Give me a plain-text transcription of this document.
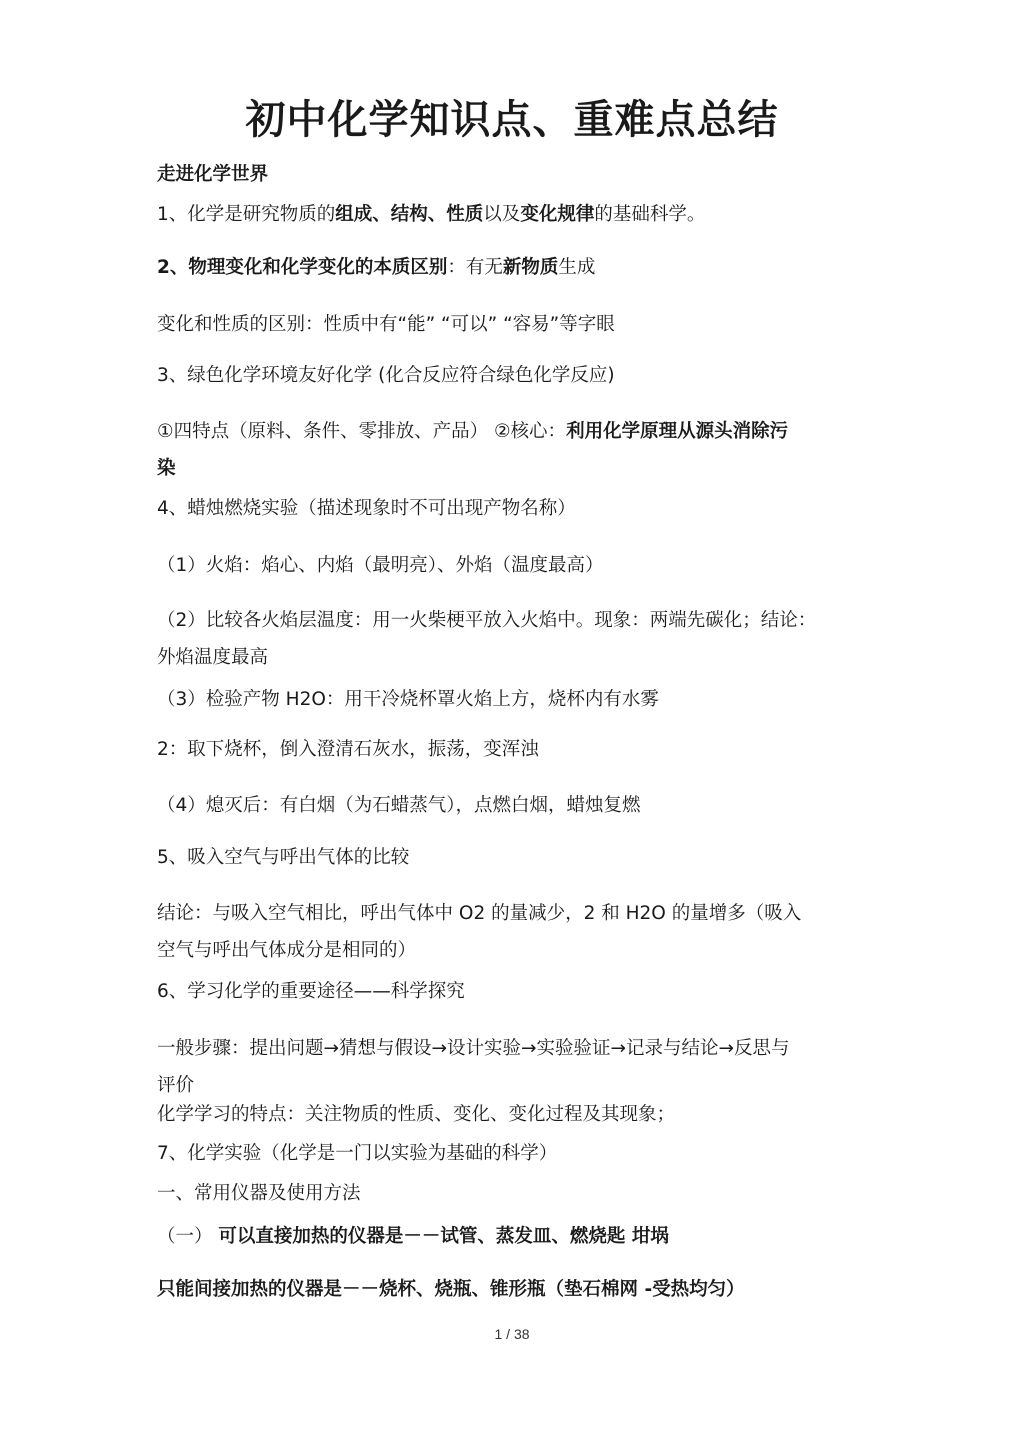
初中化学知识点、重难点总结
走进化学世界
1、化学是研究物质的组成、结构、性质以及变化规律的基础科学。
2、物理变化和化学变化的本质区别：有无新物质生成
变化和性质的区别：性质中有“能” “可以” “容易”等字眼
3、绿色化学环境友好化学 (化合反应符合绿色化学反应)
①四特点（原料、条件、零排放、产品） ②核心：利用化学原理从源头消除污
染
4、蜡烛燃烧实验（描述现象时不可出现产物名称）
（1）火焰：焰心、内焰（最明亮）、外焰（温度最高）
（2）比较各火焰层温度：用一火柴梗平放入火焰中。现象：两端先碳化；结论：
外焰温度最高
（3）检验产物 H2O：用干冷烧杯罩火焰上方，烧杯内有水雾
2：取下烧杯，倒入澄清石灰水，振荡，变浑浊
（4）熄灭后：有白烟（为石蜡蒸气），点燃白烟，蜡烛复燃
5、吸入空气与呼出气体的比较
结论：与吸入空气相比，呼出气体中 O2 的量减少，2 和 H2O 的量增多（吸入
空气与呼出气体成分是相同的）
6、学习化学的重要途径——科学探究
一般步骤：提出问题→猜想与假设→设计实验→实验验证→记录与结论→反思与
评价
化学学习的特点：关注物质的性质、变化、变化过程及其现象；
7、化学实验（化学是一门以实验为基础的科学）
一、常用仪器及使用方法
（一） 可以直接加热的仪器是－－试管、蒸发皿、燃烧匙 坩埚
只能间接加热的仪器是－－烧杯、烧瓶、锥形瓶（垫石棉网 -受热均匀）
1 / 38
